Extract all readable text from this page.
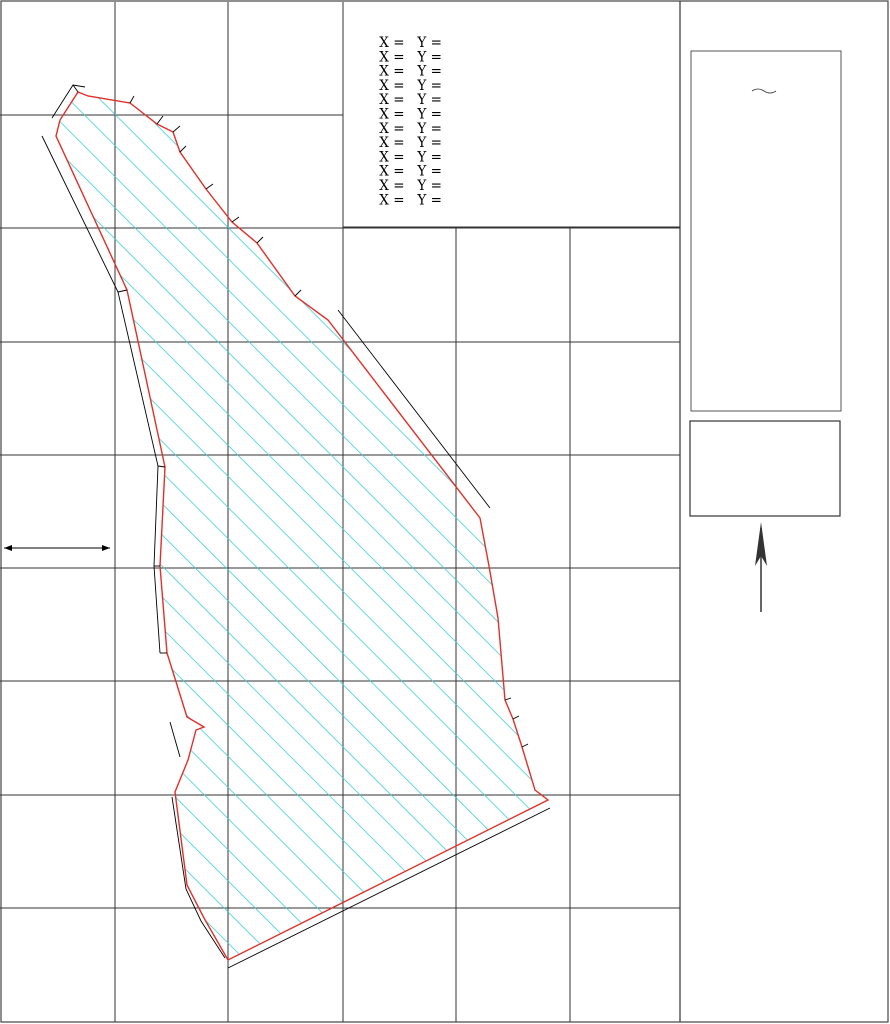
X =   Y =
X =   Y =
X =   Y =
X =   Y =
X =   Y =
X =   Y =
X =   Y =
X =   Y =
X =   Y =
X =   Y =
X =   Y =
X =   Y =
